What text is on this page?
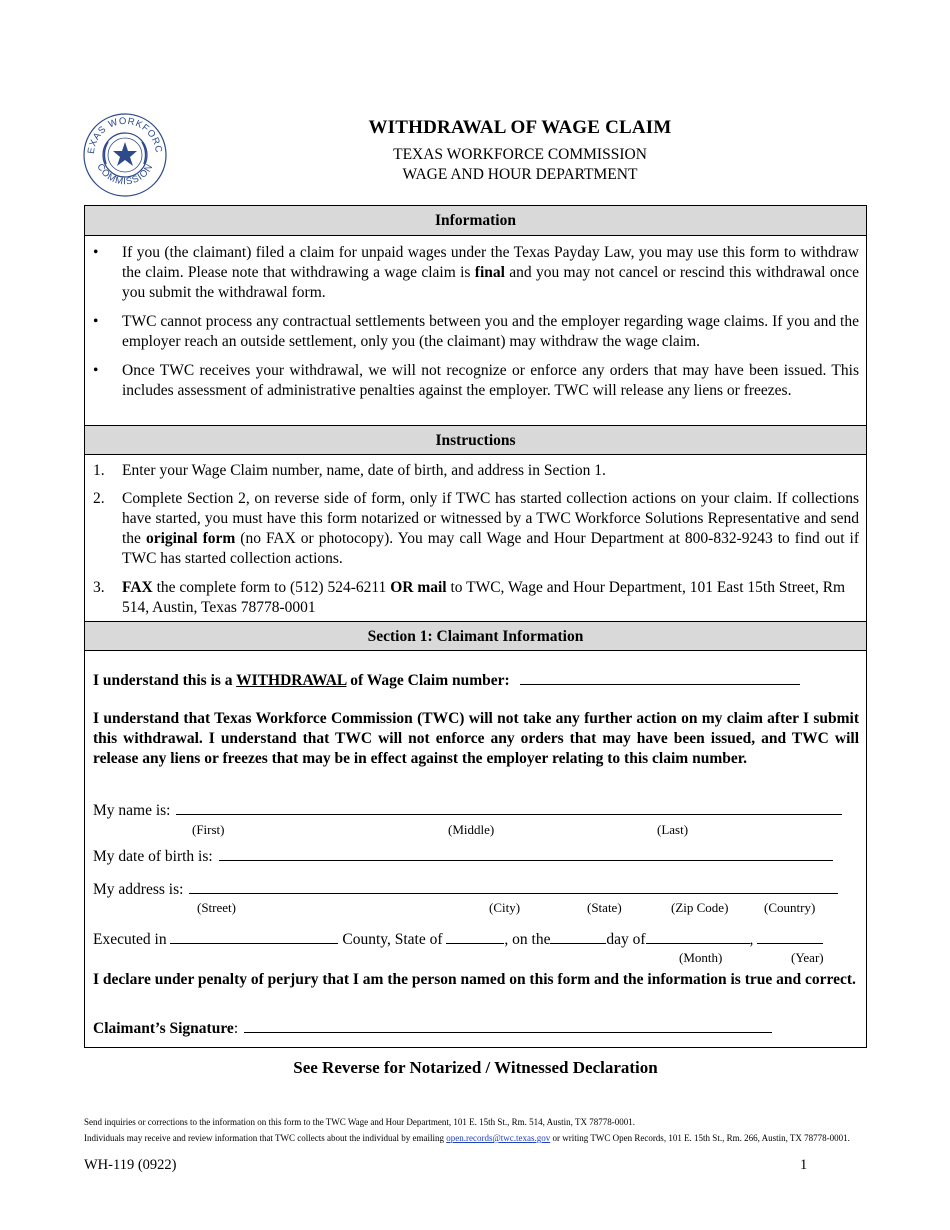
EXAS WORKFORC
COMMISSION
WITHDRAWAL OF WAGE CLAIM
TEXAS WORKFORCE COMMISSION
WAGE AND HOUR DEPARTMENT
Information
• If you (the claimant) filed a claim for unpaid wages under the Texas Payday Law, you may use this form to withdraw the claim. Please note that withdrawing a wage claim is final and you may not cancel or rescind this withdrawal once you submit the withdrawal form.
• TWC cannot process any contractual settlements between you and the employer regarding wage claims. If you and the employer reach an outside settlement, only you (the claimant) may withdraw the wage claim.
• Once TWC receives your withdrawal, we will not recognize or enforce any orders that may have been issued. This includes assessment of administrative penalties against the employer. TWC will release any liens or freezes.
Instructions
1. Enter your Wage Claim number, name, date of birth, and address in Section 1.
2. Complete Section 2, on reverse side of form, only if TWC has started collection actions on your claim. If collections have started, you must have this form notarized or witnessed by a TWC Workforce Solutions Representative and send the original form (no FAX or photocopy). You may call Wage and Hour Department at 800-832-9243 to find out if TWC has started collection actions.
3. FAX the complete form to (512) 524-6211 OR mail to TWC, Wage and Hour Department, 101 East 15th Street, Rm 514, Austin, Texas 78778-0001
Section 1: Claimant Information
I understand this is a WITHDRAWAL of Wage Claim number:
I understand that Texas Workforce Commission (TWC) will not take any further action on my claim after I submit this withdrawal. I understand that TWC will not enforce any orders that may have been issued, and TWC will release any liens or freezes that may be in effect against the employer relating to this claim number.
My name is:
(First)	(Middle)	(Last)
My date of birth is:
My address is:
(Street)	(City)	(State)	(Zip Code)	(Country)
Executed in	County, State of	, on the	day of	,
(Month)	(Year)
I declare under penalty of perjury that I am the person named on this form and the information is true and correct.
Claimant’s Signature:
See Reverse for Notarized / Witnessed Declaration
Send inquiries or corrections to the information on this form to the TWC Wage and Hour Department, 101 E. 15th St., Rm. 514, Austin, TX 78778-0001.
Individuals may receive and review information that TWC collects about the individual by emailing open.records@twc.texas.gov or writing TWC Open Records, 101 E. 15th St., Rm. 266, Austin, TX 78778-0001.
WH-119 (0922)	1
